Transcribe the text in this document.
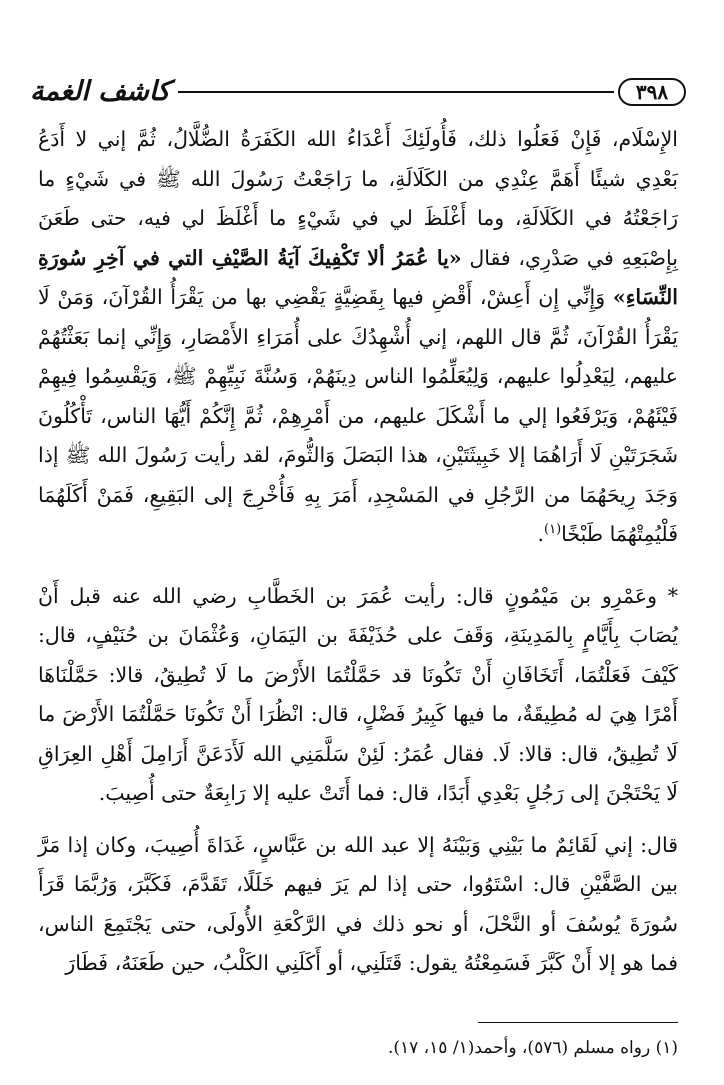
كاشف الغمة	٣٩٨

الإِسْلَام، فَإِنْ فَعَلُوا ذلك، فَأُولَئِكَ أَعْدَاءُ الله الكَفَرَةُ الضُّلَّالُ، ثُمَّ إني لا أَدَعُ بَعْدِي شيئًا أَهَمَّ عِنْدِي من الكَلَالَةِ، ما رَاجَعْتُ رَسُولَ الله ﷺ في شَيْءٍ ما رَاجَعْتُهُ في الكَلَالَةِ، وما أَغْلَظَ لي في شَيْءٍ ما أَغْلَظَ لي فيه، حتى طَعَنَ بِإِصْبَعِهِ في صَدْرِي، فقال «يا عُمَرُ ألا تَكْفِيكَ آيَةُ الصَّيْفِ التي في آخِرِ سُورَةِ النِّسَاءِ» وَإِنِّي إِن أَعِشْ، أَقْضِ فيها بِقَضِيَّةٍ يَقْضِي بها من يَقْرَأُ القُرْآنَ، وَمَنْ لَا يَقْرَأُ القُرْآنَ، ثُمَّ قال اللهم، إني أُشْهِدُكَ على أُمَرَاءِ الأَمْصَارِ، وَإِنِّي إنما بَعَثْتُهُمْ عليهم، لِيَعْدِلُوا عليهم، وَلِيُعَلِّمُوا الناس دِينَهُمْ، وَسُنَّةَ نَبِيِّهِمْ ﷺ، وَيَقْسِمُوا فِيهِمْ فَيْئَهُمْ، وَيَرْفَعُوا إلي ما أَشْكَلَ عليهم، من أَمْرِهِمْ، ثُمَّ إِنَّكُمْ أَيُّهَا الناس، تَأْكُلُونَ شَجَرَتَيْنِ لَا أَرَاهُمَا إلا خَبِيثَتَيْنِ، هذا البَصَلَ وَالثُّومَ، لقد رأيت رَسُولَ الله ﷺ إذا وَجَدَ رِيحَهُمَا من الرَّجُلِ في المَسْجِدِ، أَمَرَ بِهِ فَأُخْرِجَ إلى البَقِيعِ، فَمَنْ أَكَلَهُمَا فَلْيُمِتْهُمَا طَبْخًا$^{(١)}$.

* وعَمْرِو بن مَيْمُونٍ قال: رأيت عُمَرَ بن الخَطَّابِ رضي الله عنه قبل أَنْ يُصَابَ بِأَيَّامٍ بِالمَدِينَةِ، وَقَفَ على حُذَيْفَةَ بن اليَمَانِ، وَعُثْمَانَ بن حُنَيْفٍ، قال: كَيْفَ فَعَلْتُمَا، أَتَخَافَانِ أَنْ تَكُونَا قد حَمَّلْتُمَا الأَرْضَ ما لَا تُطِيقُ، قالا: حَمَّلْنَاهَا أَمْرًا هِيَ له مُطِيقَةٌ، ما فيها كَبِيرُ فَضْلٍ، قال: انْظُرَا أَنْ تَكُونَا حَمَّلْتُمَا الأَرْضَ ما لَا تُطِيقُ، قال: قالا: لَا. فقال عُمَرُ: لَئِنْ سَلَّمَنِي الله لَأَدَعَنَّ أَرَامِلَ أَهْلِ العِرَاقِ لَا يَحْتَجْنَ إلى رَجُلٍ بَعْدِي أَبَدًا، قال: فما أَتَتْ عليه إلا رَابِعَةٌ حتى أُصِيبَ.

قال: إني لَقَائِمٌ ما بَيْنِي وَبَيْنَهُ إلا عبد الله بن عَبَّاسٍ، غَدَاةَ أُصِيبَ، وكان إذا مَرَّ بين الصَّفَّيْنِ قال: اسْتَوُوا، حتى إذا لم يَرَ فيهم خَلَلًا، تَقَدَّمَ، فَكَبَّرَ، وَرُبَّمَا قَرَأَ سُورَةَ يُوسُفَ أو النَّحْلَ، أو نحو ذلك في الرَّكْعَةِ الأُولَى، حتى يَجْتَمِعَ الناس، فما هو إلا أَنْ كَبَّرَ فَسَمِعْتُهُ يقول: قَتَلَنِي، أو أَكَلَنِي الكَلْبُ، حين طَعَنَهُ، فَطَارَ

(١) رواه مسلم (٥٧٦)، وأحمد(١/ ١٥، ١٧).
